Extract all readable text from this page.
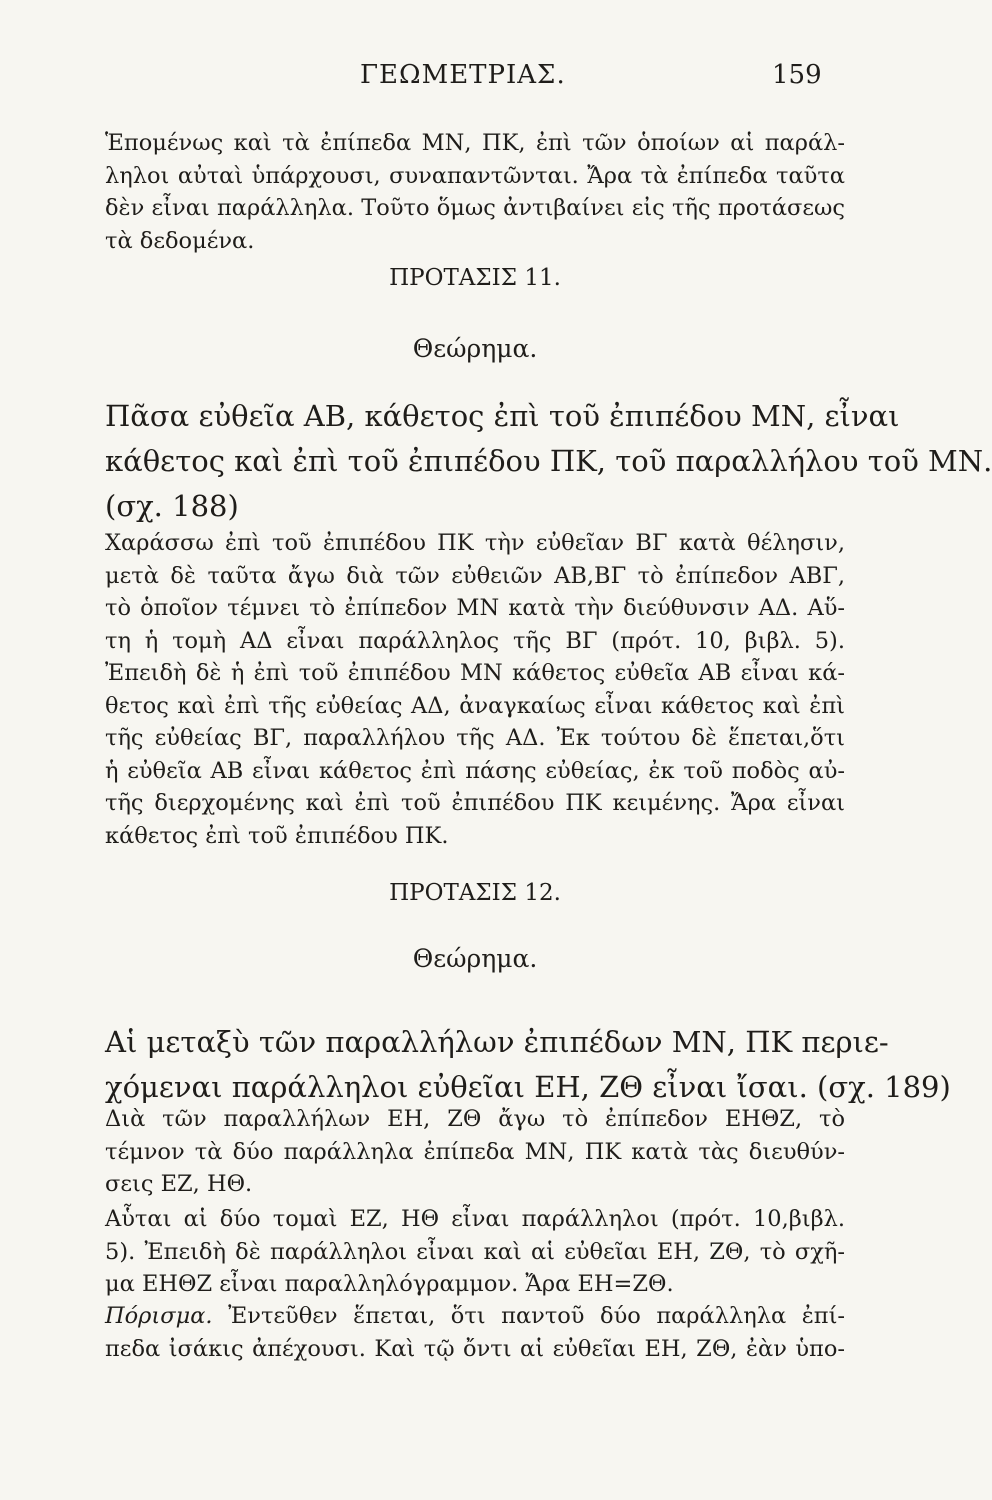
ΓΕΩΜΕΤΡΙΑΣ.	159
Ἑπομένως καὶ τὰ ἐπίπεδα ΜΝ, ΠΚ, ἐπὶ τῶν ὁποίων αἱ παράλ-
ληλοι αὐταὶ ὑπάρχουσι, συναπαντῶνται. Ἄρα τὰ ἐπίπεδα ταῦτα
δὲν εἶναι παράλληλα. Τοῦτο ὅμως ἀντιβαίνει εἰς τῆς προτάσεως
τὰ δεδομένα.
ΠΡΟΤΑΣΙΣ 11.
Θεώρημα.
Πᾶσα εὐθεῖα ΑΒ, κάθετος ἐπὶ τοῦ ἐπιπέδου ΜΝ, εἶναι
κάθετος καὶ ἐπὶ τοῦ ἐπιπέδου ΠΚ, τοῦ παραλλήλου τοῦ ΜΝ.
(σχ. 188)
Χαράσσω ἐπὶ τοῦ ἐπιπέδου ΠΚ τὴν εὐθεῖαν ΒΓ κατὰ θέλησιν,
μετὰ δὲ ταῦτα ἄγω διὰ τῶν εὐθειῶν ΑΒ,ΒΓ τὸ ἐπίπεδον ΑΒΓ,
τὸ ὁποῖον τέμνει τὸ ἐπίπεδον ΜΝ κατὰ τὴν διεύθυνσιν ΑΔ. Αὕ-
τη ἡ τομὴ ΑΔ εἶναι παράλληλος τῆς ΒΓ (πρότ. 10, βιβλ. 5).
Ἐπειδὴ δὲ ἡ ἐπὶ τοῦ ἐπιπέδου ΜΝ κάθετος εὐθεῖα ΑΒ εἶναι κά-
θετος καὶ ἐπὶ τῆς εὐθείας ΑΔ, ἀναγκαίως εἶναι κάθετος καὶ ἐπὶ
τῆς εὐθείας ΒΓ, παραλλήλου τῆς ΑΔ. Ἐκ τούτου δὲ ἕπεται,ὅτι
ἡ εὐθεῖα ΑΒ εἶναι κάθετος ἐπὶ πάσης εὐθείας, ἐκ τοῦ ποδὸς αὐ-
τῆς διερχομένης καὶ ἐπὶ τοῦ ἐπιπέδου ΠΚ κειμένης. Ἄρα εἶναι
κάθετος ἐπὶ τοῦ ἐπιπέδου ΠΚ.
ΠΡΟΤΑΣΙΣ 12.
Θεώρημα.
Αἱ μεταξὺ τῶν παραλλήλων ἐπιπέδων ΜΝ, ΠΚ περιε-
χόμεναι παράλληλοι εὐθεῖαι ΕΗ, ΖΘ εἶναι ἴσαι. (σχ. 189)
Διὰ τῶν παραλλήλων ΕΗ, ΖΘ ἄγω τὸ ἐπίπεδον ΕΗΘΖ, τὸ
τέμνον τὰ δύο παράλληλα ἐπίπεδα ΜΝ, ΠΚ κατὰ τὰς διευθύν-
σεις ΕΖ, ΗΘ.
Αὗται αἱ δύο τομαὶ ΕΖ, ΗΘ εἶναι παράλληλοι (πρότ. 10,βιβλ.
5). Ἐπειδὴ δὲ παράλληλοι εἶναι καὶ αἱ εὐθεῖαι ΕΗ, ΖΘ, τὸ σχῆ-
μα ΕΗΘΖ εἶναι παραλληλόγραμμον. Ἄρα ΕΗ=ΖΘ.
Πόρισμα. Ἐντεῦθεν ἕπεται, ὅτι παντοῦ δύο παράλληλα ἐπί-
πεδα ἰσάκις ἀπέχουσι. Καὶ τῷ ὄντι αἱ εὐθεῖαι ΕΗ, ΖΘ, ἐὰν ὑπο-
